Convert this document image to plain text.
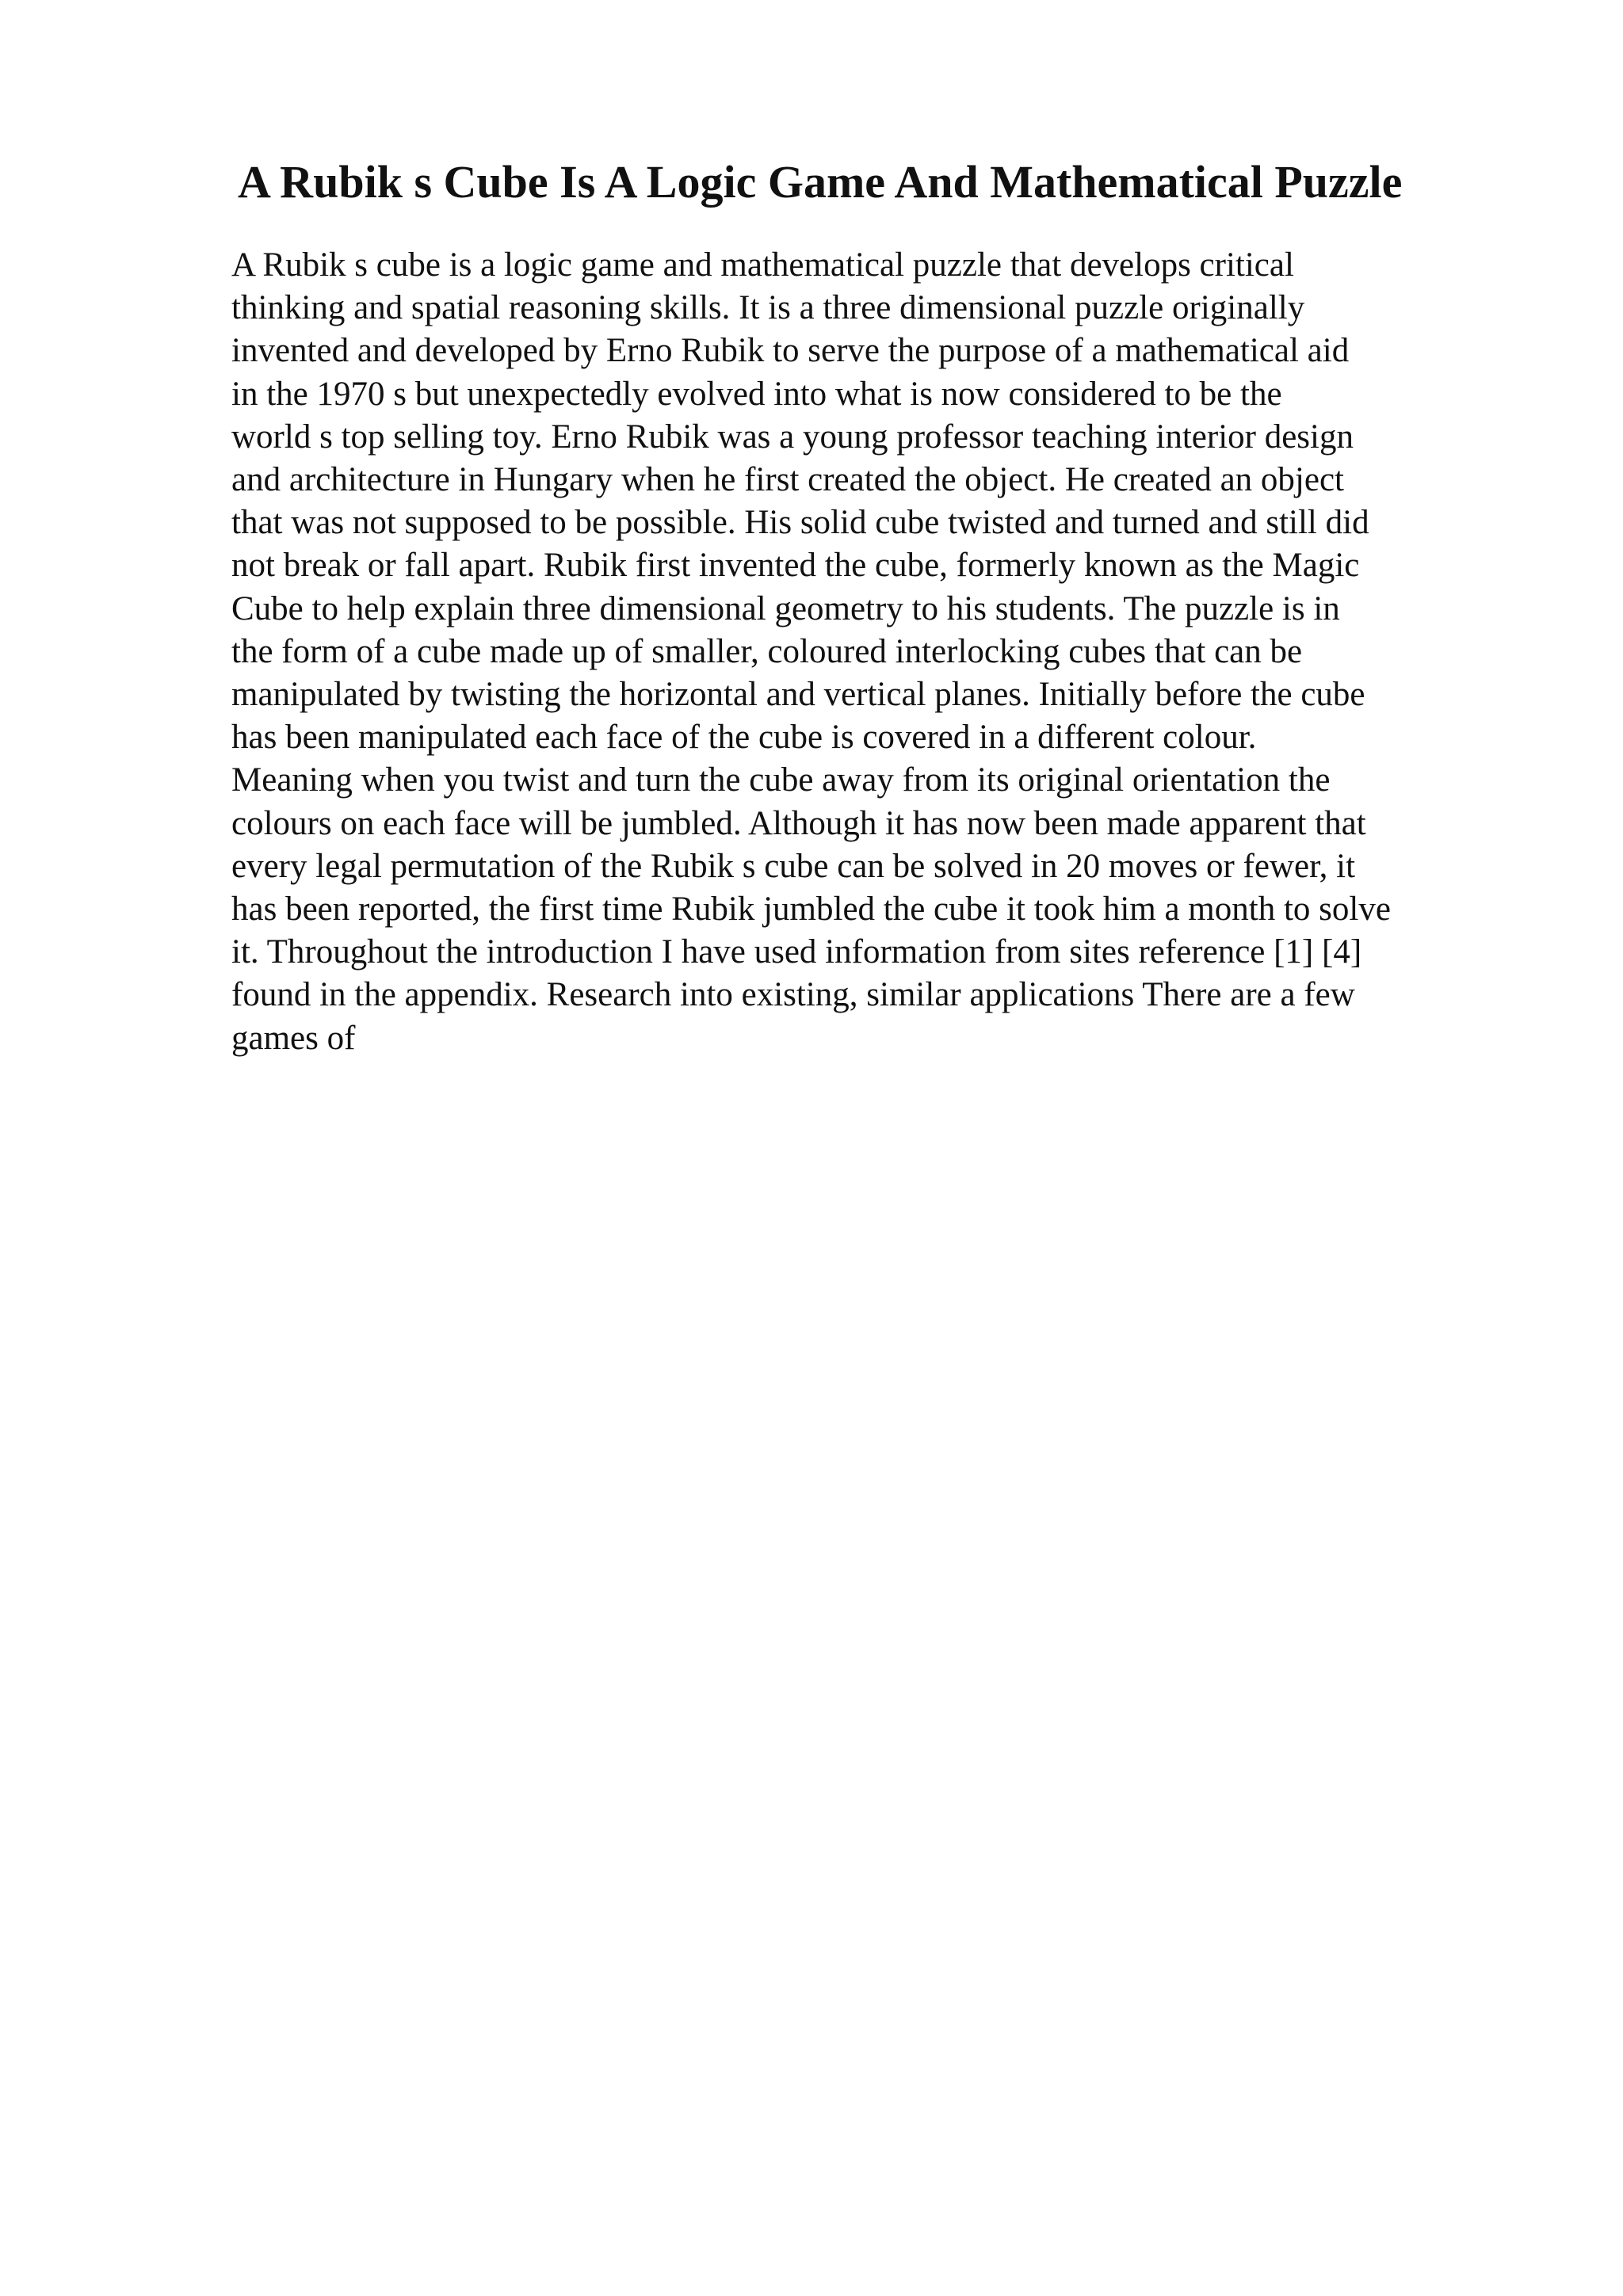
A Rubik s Cube Is A Logic Game And Mathematical Puzzle
A Rubik s cube is a logic game and mathematical puzzle that develops critical
thinking and spatial reasoning skills. It is a three dimensional puzzle originally
invented and developed by Erno Rubik to serve the purpose of a mathematical aid
in the 1970 s but unexpectedly evolved into what is now considered to be the
world s top selling toy. Erno Rubik was a young professor teaching interior design
and architecture in Hungary when he first created the object. He created an object
that was not supposed to be possible. His solid cube twisted and turned and still did
not break or fall apart. Rubik first invented the cube, formerly known as the Magic
Cube to help explain three dimensional geometry to his students. The puzzle is in
the form of a cube made up of smaller, coloured interlocking cubes that can be
manipulated by twisting the horizontal and vertical planes. Initially before the cube
has been manipulated each face of the cube is covered in a different colour.
Meaning when you twist and turn the cube away from its original orientation the
colours on each face will be jumbled. Although it has now been made apparent that
every legal permutation of the Rubik s cube can be solved in 20 moves or fewer, it
has been reported, the first time Rubik jumbled the cube it took him a month to solve
it. Throughout the introduction I have used information from sites reference [1] [4]
found in the appendix. Research into existing, similar applications There are a few
games of
